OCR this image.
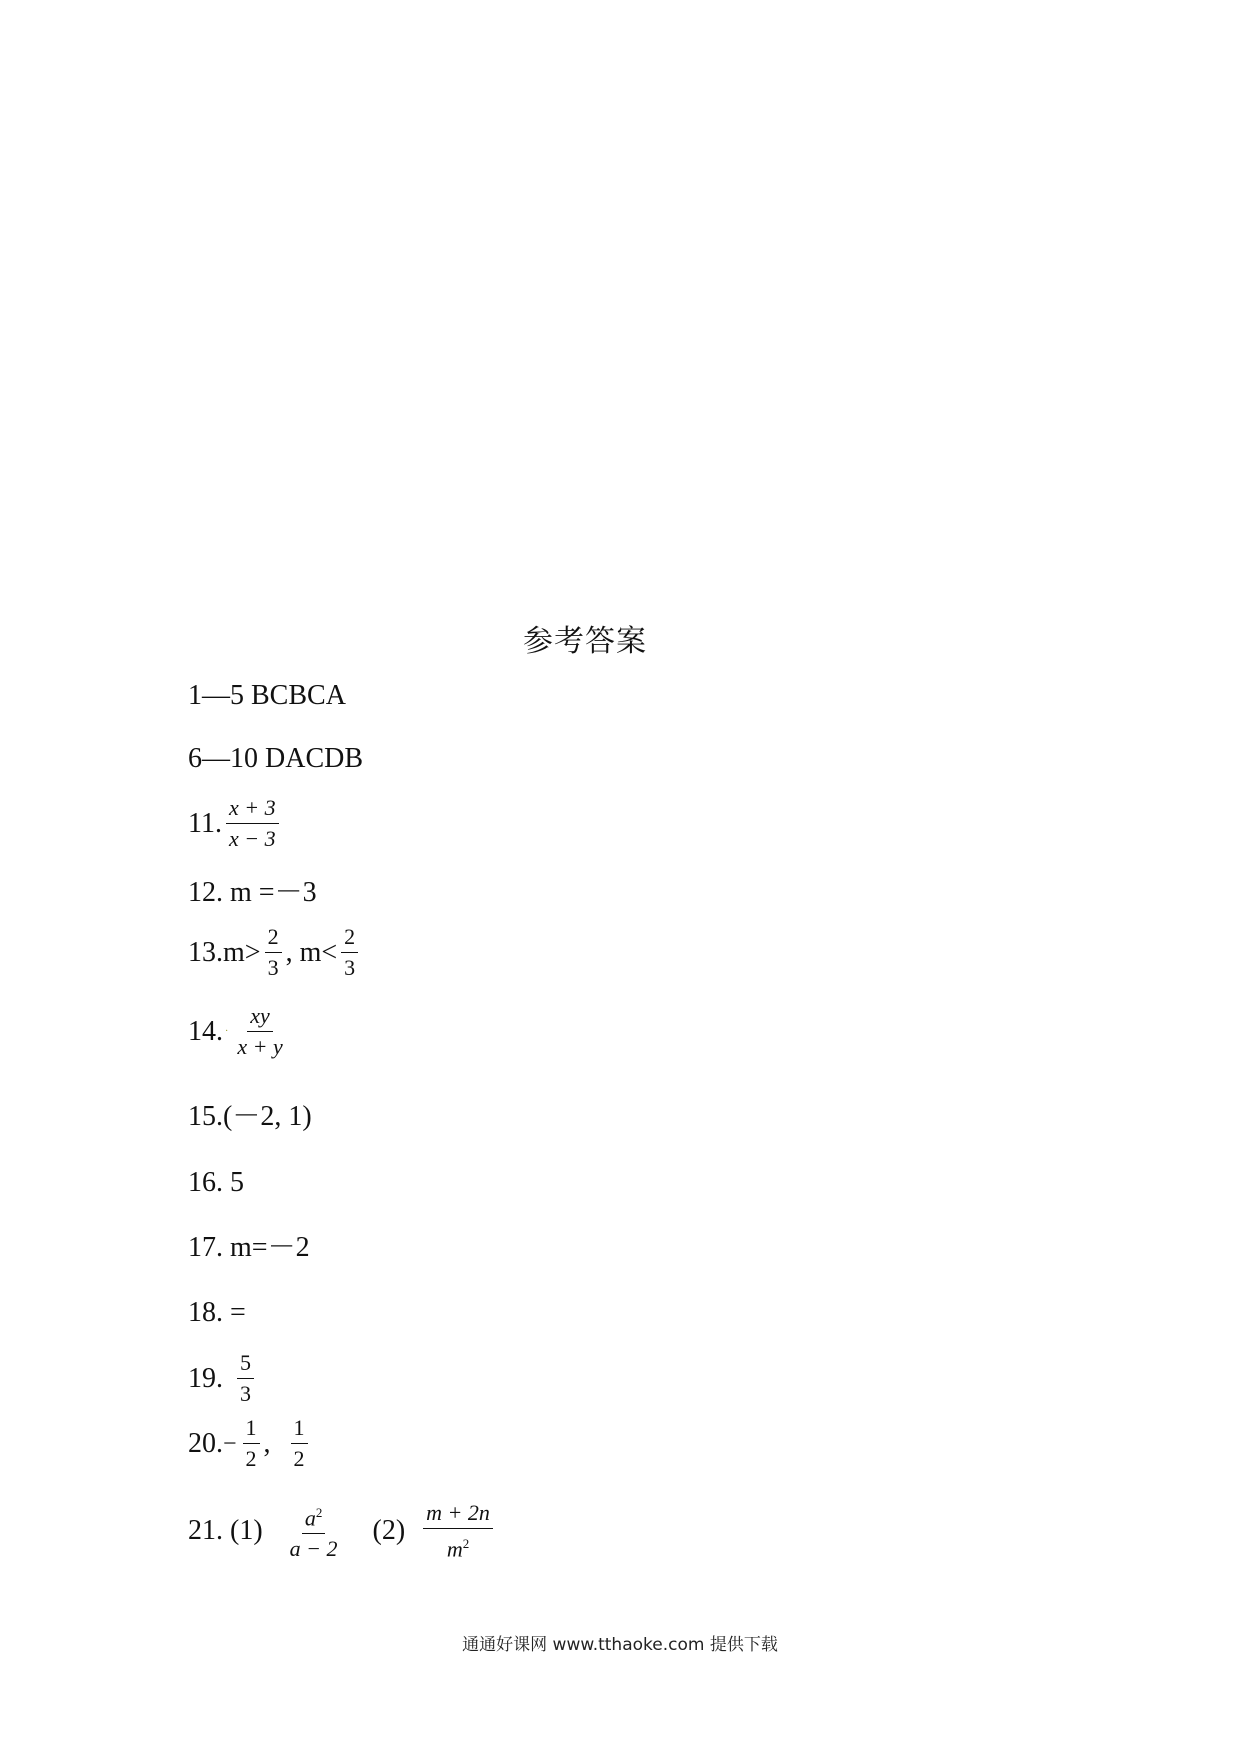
参考答案
1—5 BCBCA
6—10 DACDB
11. $\frac{x + 3}{x - 3}$
12. m =－3
$13.m> \frac{2}{3}$ , $m< \frac{2}{3}$
14. · $\frac{xy}{x + y}$
15.(－2, 1)
16. 5
17. m=－2
18. =
19. $\frac{5}{3}$
20. − $\frac{1}{2}$ , $\frac{1}{2}$
21. $(1) \frac{a^2}{a - 2} (2) \frac{m + 2n}{m^2}$
通通好课网 www.tthaoke.com 提供下载
